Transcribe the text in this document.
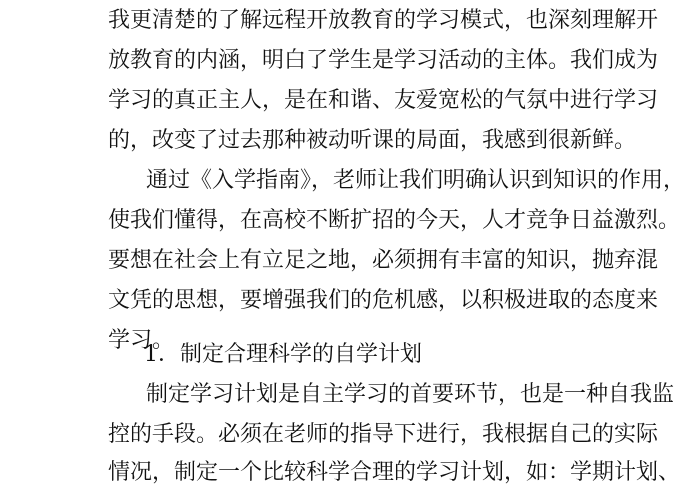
我更清楚的了解远程开放教育的学习模式，也深刻理解开
放教育的内涵，明白了学生是学习活动的主体。我们成为
学习的真正主人，是在和谐、友爱宽松的气氛中进行学习
的，改变了过去那种被动听课的局面，我感到很新鲜。
通过《入学指南》，老师让我们明确认识到知识的作用，
使我们懂得，在高校不断扩招的今天，人才竞争日益激烈。
要想在社会上有立足之地，必须拥有丰富的知识，抛弃混
文凭的思想，要增强我们的危机感，以积极进取的态度来
学习。
1．制定合理科学的自学计划
制定学习计划是自主学习的首要环节，也是一种自我监
控的手段。必须在老师的指导下进行，我根据自己的实际
情况，制定一个比较科学合理的学习计划，如：学期计划、
